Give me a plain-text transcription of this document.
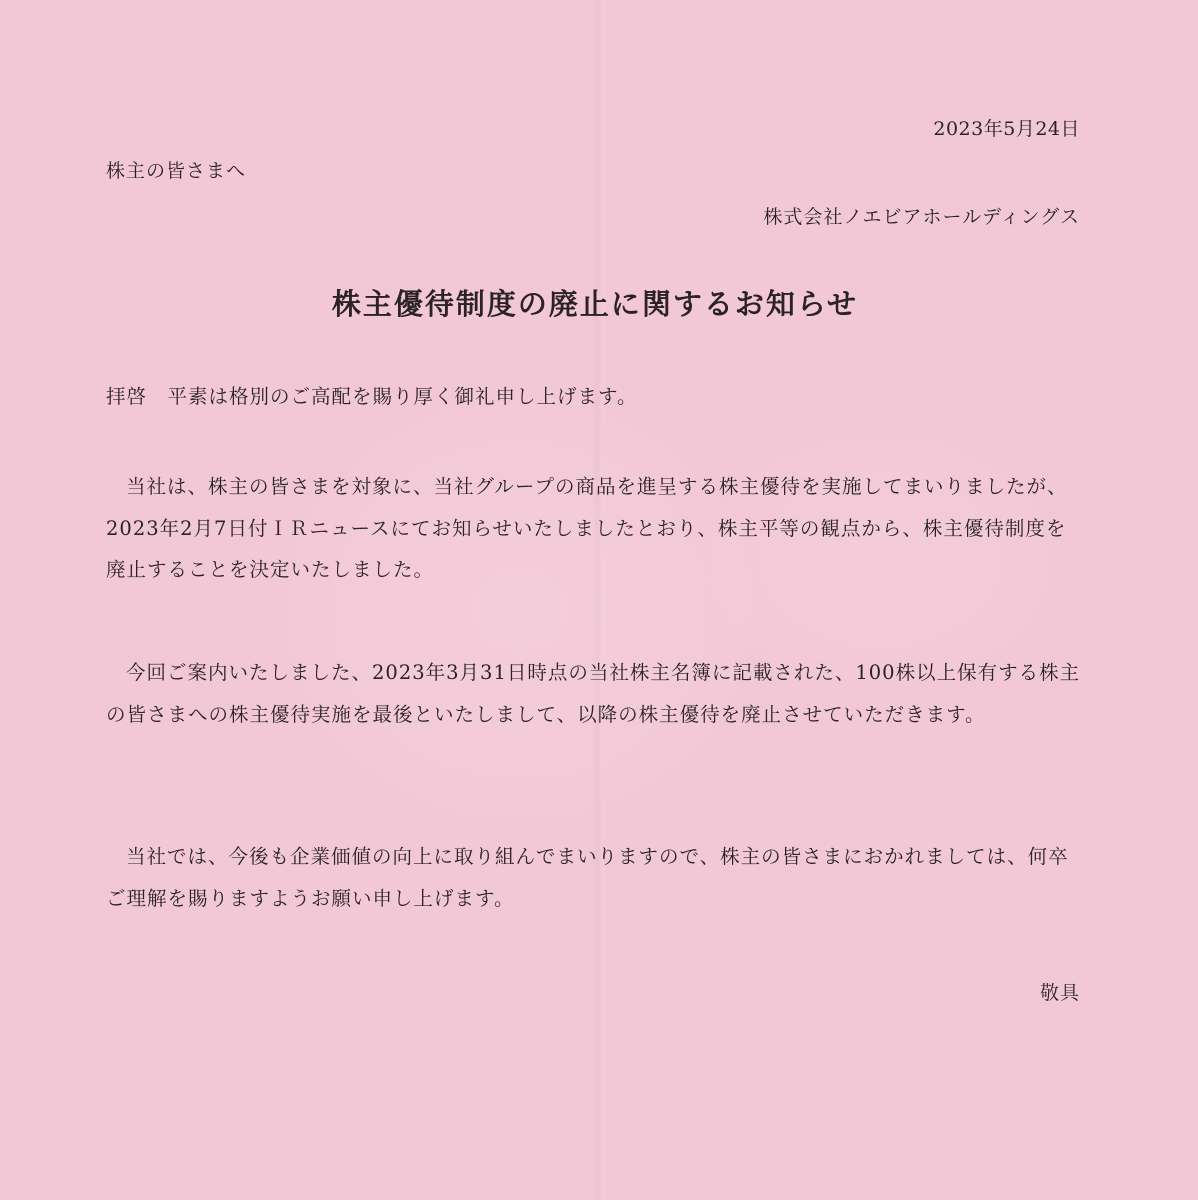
2023年5月24日
株主の皆さまへ
株式会社ノエビアホールディングス
株主優待制度の廃止に関するお知らせ
拝啓　平素は格別のご高配を賜り厚く御礼申し上げます。
当社は、株主の皆さまを対象に、当社グループの商品を進呈する株主優待を実施してまいりましたが、2023年2月7日付ＩＲニュースにてお知らせいたしましたとおり、株主平等の観点から、株主優待制度を廃止することを決定いたしました。
今回ご案内いたしました、2023年3月31日時点の当社株主名簿に記載された、100株以上保有する株主の皆さまへの株主優待実施を最後といたしまして、以降の株主優待を廃止させていただきます。
当社では、今後も企業価値の向上に取り組んでまいりますので、株主の皆さまにおかれましては、何卒ご理解を賜りますようお願い申し上げます。
敬具
